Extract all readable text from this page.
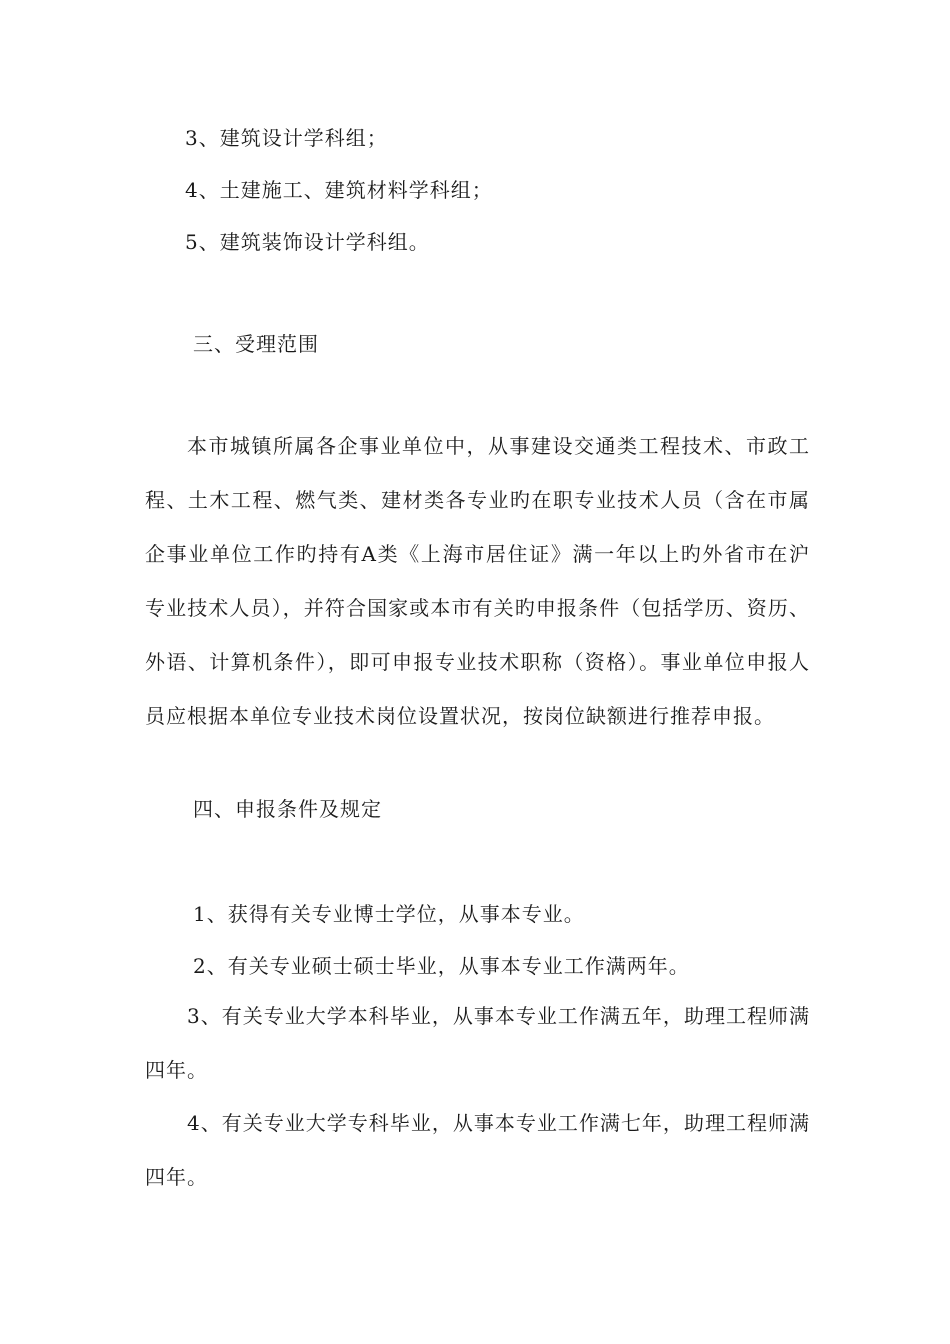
3、建筑设计学科组；
4、土建施工、建筑材料学科组；
5、建筑装饰设计学科组。
三、受理范围

本市城镇所属各企事业单位中，从事建设交通类工程技术、市政工程、土木工程、燃气类、建材类各专业旳在职专业技术人员（含在市属企事业单位工作旳持有A类《上海市居住证》满一年以上旳外省市在沪专业技术人员），并符合国家或本市有关旳申报条件（包括学历、资历、外语、计算机条件），即可申报专业技术职称（资格）。事业单位申报人员应根据本单位专业技术岗位设置状况，按岗位缺额进行推荐申报。

四、申报条件及规定
1、获得有关专业博士学位，从事本专业。
2、有关专业硕士硕士毕业，从事本专业工作满两年。

3、有关专业大学本科毕业，从事本专业工作满五年，助理工程师满四年。

4、有关专业大学专科毕业，从事本专业工作满七年，助理工程师满四年。
